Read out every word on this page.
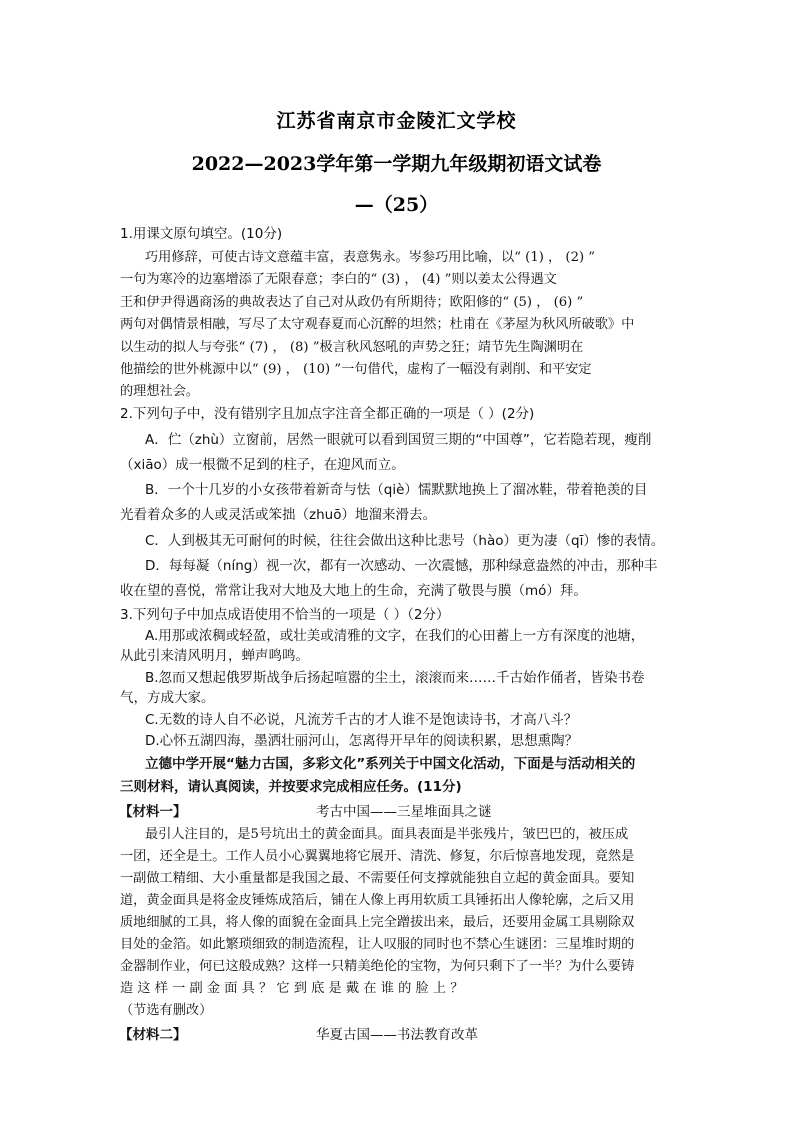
江苏省南京市金陵汇文学校
2022—2023学年第一学期九年级期初语文试卷
—（25）
1.用课文原句填空。(10分)
巧用修辞，可使古诗文意蕴丰富，表意隽永。岑参巧用比喻，以“ (1) ， (2) ”
一句为寒冷的边塞增添了无限春意；李白的“ (3) ， (4) ”则以姜太公得遇文
王和伊尹得遇商汤的典故表达了自己对从政仍有所期待；欧阳修的“ (5) ， (6) ”
两句对偶情景相融，写尽了太守观春夏而心沉醉的坦然；杜甫在《茅屋为秋风所破歌》中
以生动的拟人与夸张“ (7) ， (8) ”极言秋风怒吼的声势之狂；靖节先生陶渊明在
他描绘的世外桃源中以“ (9) ， (10) ”一句借代，虚构了一幅没有剥削、和平安定
的理想社会。
2.下列句子中，没有错别字且加点字注音全都正确的一项是（ ）(2分)
A．伫（zhù）立窗前，居然一眼就可以看到国贸三期的“中国尊”，它若隐若现，瘦削
（xiāo）成一根微不足到的柱子，在迎风而立。
B．一个十几岁的小女孩带着新奇与怯（qiè）懦默默地换上了溜冰鞋，带着艳羡的目
光看着众多的人或灵活或笨拙（zhuō）地溜来滑去。
C．人到极其无可耐何的时候，往往会做出这种比悲号（hào）更为凄（qī）惨的表情。
D．每每凝（níng）视一次，都有一次感动、一次震憾，那种绿意盎然的冲击，那种丰
收在望的喜悦，常常让我对大地及大地上的生命，充满了敬畏与膜（mó）拜。
3.下列句子中加点成语使用不恰当的一项是（ ）（2分）
A.用那或浓稠或轻盈，或壮美或清雅的文字，在我们的心田蓄上一方有深度的池塘，
从此引来清风明月，蝉声鸣鸣。
B.忽而又想起俄罗斯战争后扬起喧嚣的尘土，滚滚而来……千古始作俑者，皆染书卷
气，方成大家。
C.无数的诗人自不必说，凡流芳千古的才人谁不是饱读诗书，才高八斗？
D.心怀五湖四海，墨洒壮丽河山，怎离得开早年的阅读积累，思想熏陶？
立德中学开展“魅力古国，多彩文化”系列关于中国文化活动，下面是与活动相关的
三则材料，请认真阅读，并按要求完成相应任务。(11分)
【材料一】	考古中国——三星堆面具之谜
最引人注目的，是5号坑出土的黄金面具。面具表面是半张残片，皱巴巴的，被压成
一团，还全是土。工作人员小心翼翼地将它展开、清洗、修复，尔后惊喜地发现，竟然是
一副做工精细、大小重量都是我国之最、不需要任何支撑就能独自立起的黄金面具。要知
道，黄金面具是将金皮锤炼成箔后，铺在人像上再用软质工具锤拓出人像轮廓，之后又用
质地细腻的工具，将人像的面貌在金面具上完全蹭拔出来，最后，还要用金属工具剔除双
目处的金箔。如此繁琐细致的制造流程，让人叹服的同时也不禁心生谜团：三星堆时期的
金器制作业，何已这般成熟？这样一只精美绝伦的宝物，为何只剩下了一半？为什么要铸
造 这 样 一 副 金 面 具 ？ 它 到 底 是 戴 在 谁 的 脸 上 ？
（节选有删改）
【材料二】	华夏古国——书法教育改革
